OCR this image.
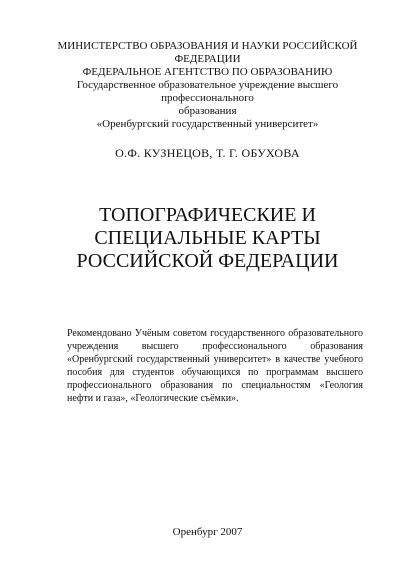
МИНИСТЕРСТВО ОБРАЗОВАНИЯ И НАУКИ РОССИЙСКОЙ
ФЕДЕРАЦИИ
ФЕДЕРАЛЬНОЕ АГЕНТСТВО ПО ОБРАЗОВАНИЮ
Государственное образовательное учреждение высшего профессионального
образования
«Оренбургский государственный университет»
О.Ф. КУЗНЕЦОВ, Т. Г. ОБУХОВА
ТОПОГРАФИЧЕСКИЕ И
СПЕЦИАЛЬНЫЕ КАРТЫ
РОССИЙСКОЙ ФЕДЕРАЦИИ
Рекомендовано Учёным советом государственного образовательного учреждения высшего профессионального образования «Оренбургский государственный университет» в качестве учебного пособия для студентов обучающихся по программам высшего профессионального образования по специальностям «Геология нефти и газа», «Геологические съёмки».
Оренбург 2007
